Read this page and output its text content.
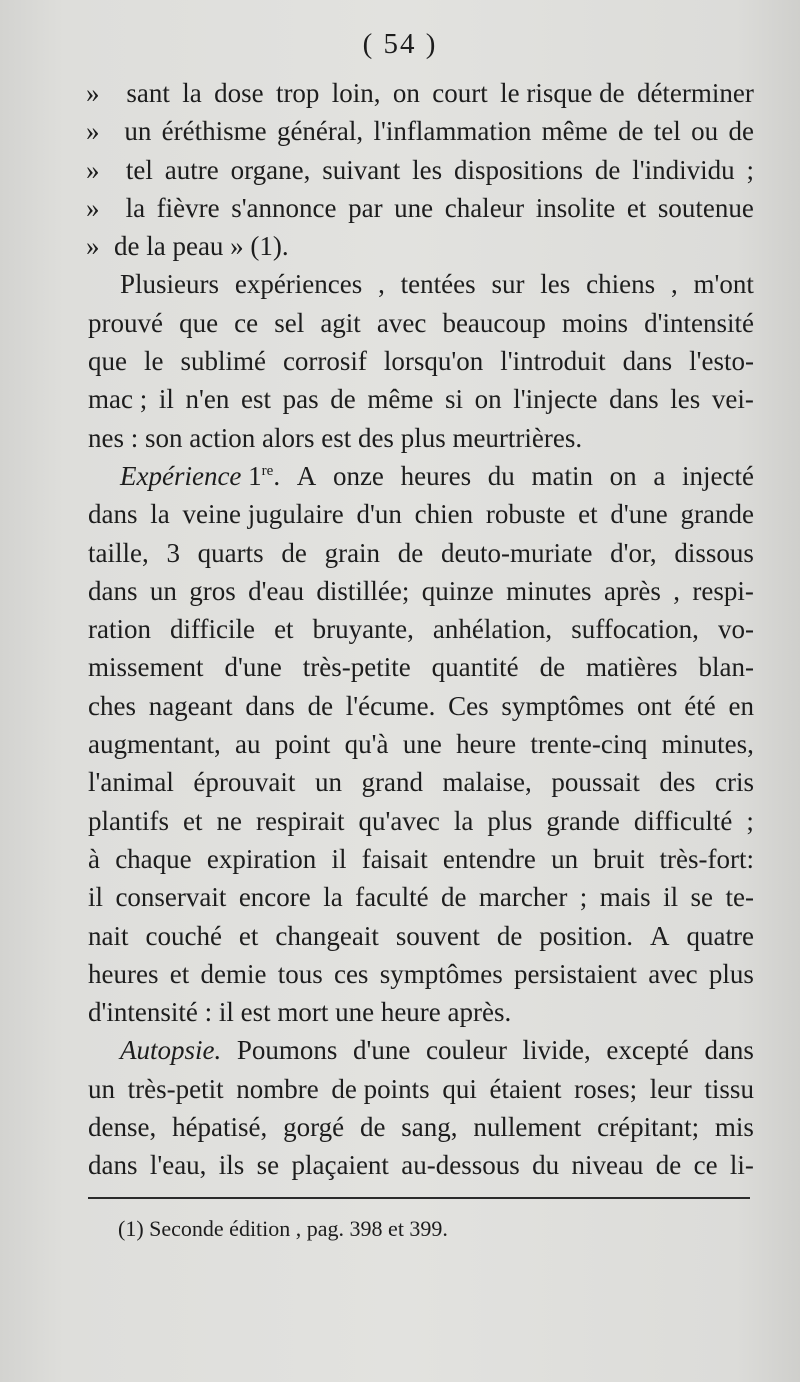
( 54 )
» sant la dose trop loin, on court le risque de déterminer
» un éréthisme général, l'inflammation même de tel ou de
» tel autre organe, suivant les dispositions de l'individu ;
» la fièvre s'annonce par une chaleur insolite et soutenue
» de la peau » (1).
Plusieurs expériences , tentées sur les chiens , m'ont
prouvé que ce sel agit avec beaucoup moins d'intensité
que le sublimé corrosif lorsqu'on l'introduit dans l'esto-
mac ; il n'en est pas de même si on l'injecte dans les vei-
nes : son action alors est des plus meurtrières.
Expérience 1re. A onze heures du matin on a injecté
dans la veine jugulaire d'un chien robuste et d'une grande
taille, 3 quarts de grain de deuto-muriate d'or, dissous
dans un gros d'eau distillée; quinze minutes après , respi-
ration difficile et bruyante, anhélation, suffocation, vo-
missement d'une très-petite quantité de matières blan-
ches nageant dans de l'écume. Ces symptômes ont été en
augmentant, au point qu'à une heure trente-cinq minutes,
l'animal éprouvait un grand malaise, poussait des cris
plantifs et ne respirait qu'avec la plus grande difficulté ;
à chaque expiration il faisait entendre un bruit très-fort:
il conservait encore la faculté de marcher ; mais il se te-
nait couché et changeait souvent de position. A quatre
heures et demie tous ces symptômes persistaient avec plus
d'intensité : il est mort une heure après.
Autopsie. Poumons d'une couleur livide, excepté dans
un très-petit nombre de points qui étaient roses; leur tissu
dense, hépatisé, gorgé de sang, nullement crépitant; mis
dans l'eau, ils se plaçaient au-dessous du niveau de ce li-
(1) Seconde édition , pag. 398 et 399.
